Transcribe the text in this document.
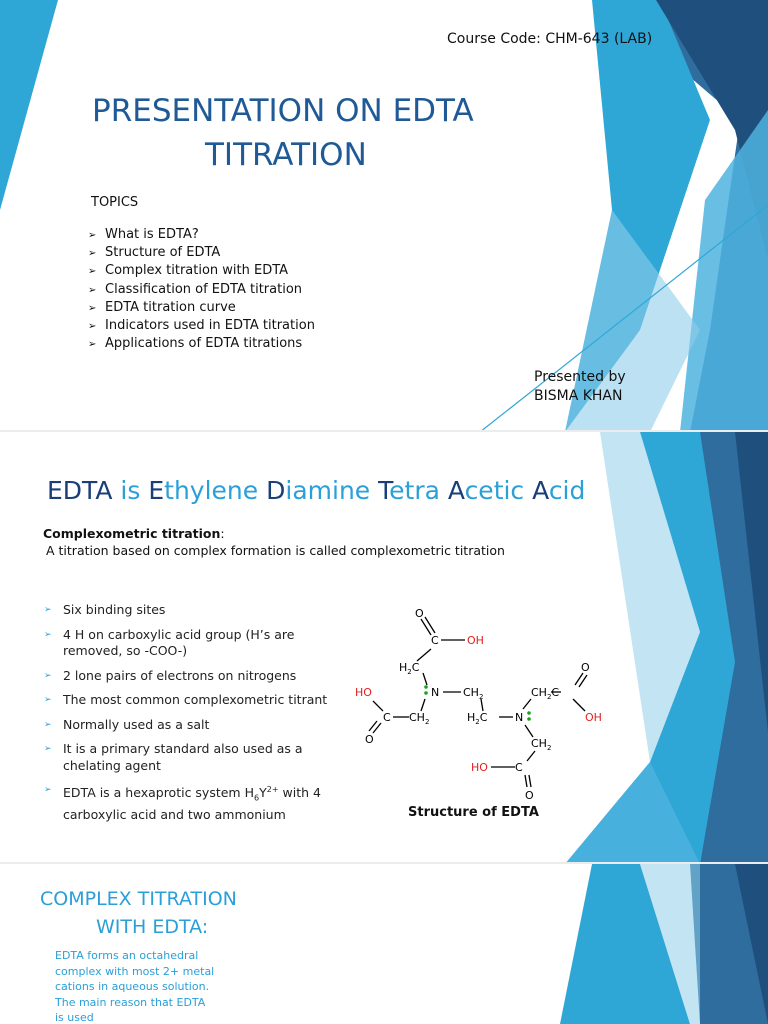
Course Code: CHM-643 (LAB)

PRESENTATION ON EDTA
TITRATION

TOPICS

➢ What is EDTA?
➢ Structure of EDTA
➢ Complex titration with EDTA
➢ Classification of EDTA titration
➢ EDTA titration curve
➢ Indicators used in EDTA titration
➢ Applications of EDTA titrations

Presented by

BISMA KHAN

EDTA is Ethylene Diamine Tetra Acetic Acid

Complexometric titration:

A titration based on complex formation is called complexometric titration

➢ Six binding sites
➢ 4 H on carboxylic acid group (H’s are removed, so -COO-)
➢ 2 lone pairs of electrons on nitrogens
➢ The most common complexometric titrant
➢ Normally used as a salt
➢ It is a primary standard also used as a chelating agent
➢ EDTA is a hexaprotic system $H_6Y^{2+}$ with 4 carboxylic acid and two ammonium
O
C	OH
$H_2C$
HO	N $CH_2$
C $CH_2$
O
$H_2C$	N
$CH_2C$
O
OH
$CH_2$
HO C
O

Structure of EDTA

COMPLEX TITRATION

WITH EDTA:

EDTA forms an octahedral complex with most 2+ metal cations in aqueous solution. The main reason that EDTA is used
